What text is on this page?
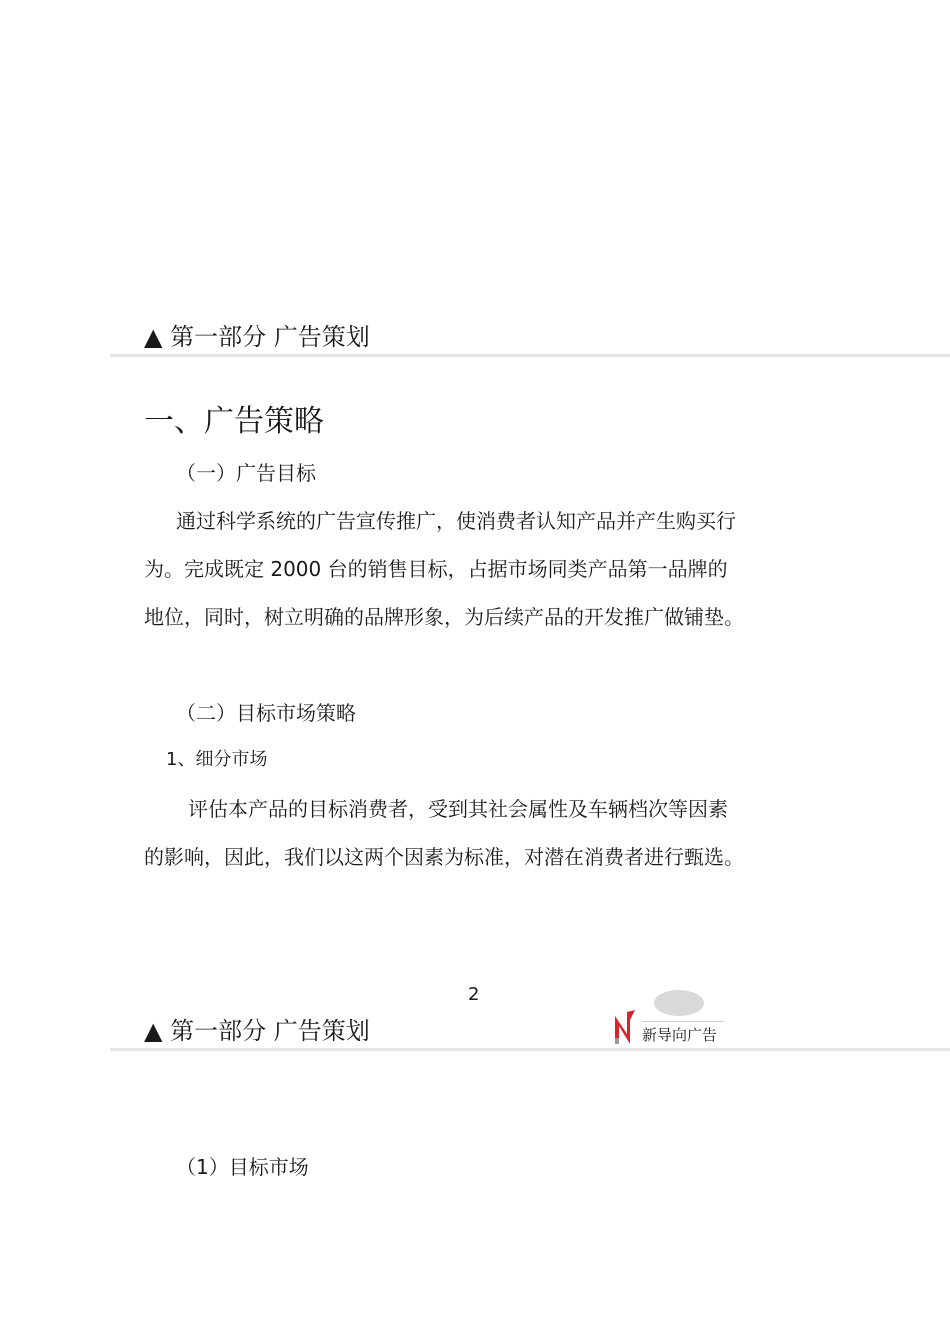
▲ 第一部分 广告策划
一、广告策略
（一）广告目标
通过科学系统的广告宣传推广，使消费者认知产品并产生购买行
为。完成既定 2000 台的销售目标，占据市场同类产品第一品牌的
地位，同时，树立明确的品牌形象，为后续产品的开发推广做铺垫。
（二）目标市场策略
1、细分市场
评估本产品的目标消费者，受到其社会属性及车辆档次等因素
的影响，因此，我们以这两个因素为标准，对潜在消费者进行甄选。
2
▲ 第一部分 广告策划	新导向广告
（1）目标市场
